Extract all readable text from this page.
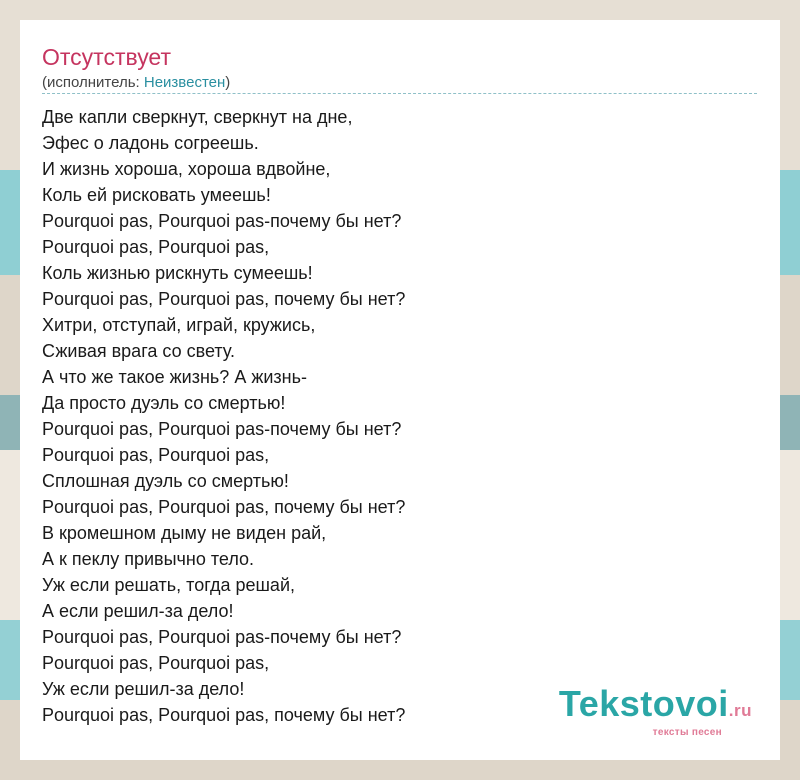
Отсутствует
(исполнитель: Неизвестен)
Две капли сверкнут, сверкнут на дне,
Эфес о ладонь согреешь.
И жизнь хороша, хороша вдвойне,
Коль ей рисковать умеешь!
Pourquoi pas, Pourquoi pas-почему бы нет?
Pourquoi pas, Pourquoi pas,
Коль жизнью рискнуть сумеешь!
Pourquoi pas, Pourquoi pas, почему бы нет?
Хитри, отступай, играй, кружись,
Сживая врага со свету.
А что же такое жизнь? А жизнь-
Да просто дуэль со смертью!
Pourquoi pas, Pourquoi pas-почему бы нет?
Pourquoi pas, Pourquoi pas,
Сплошная дуэль со смертью!
Pourquoi pas, Pourquoi pas, почему бы нет?
В кромешном дыму не виден рай,
А к пеклу привычно тело.
Уж если решать, тогда решай,
А если решил-за дело!
Pourquoi pas, Pourquoi pas-почему бы нет?
Pourquoi pas, Pourquoi pas,
Уж если решил-за дело!
Pourquoi pas, Pourquoi pas, почему бы нет?	Tekstovoi.ru
тексты песен
